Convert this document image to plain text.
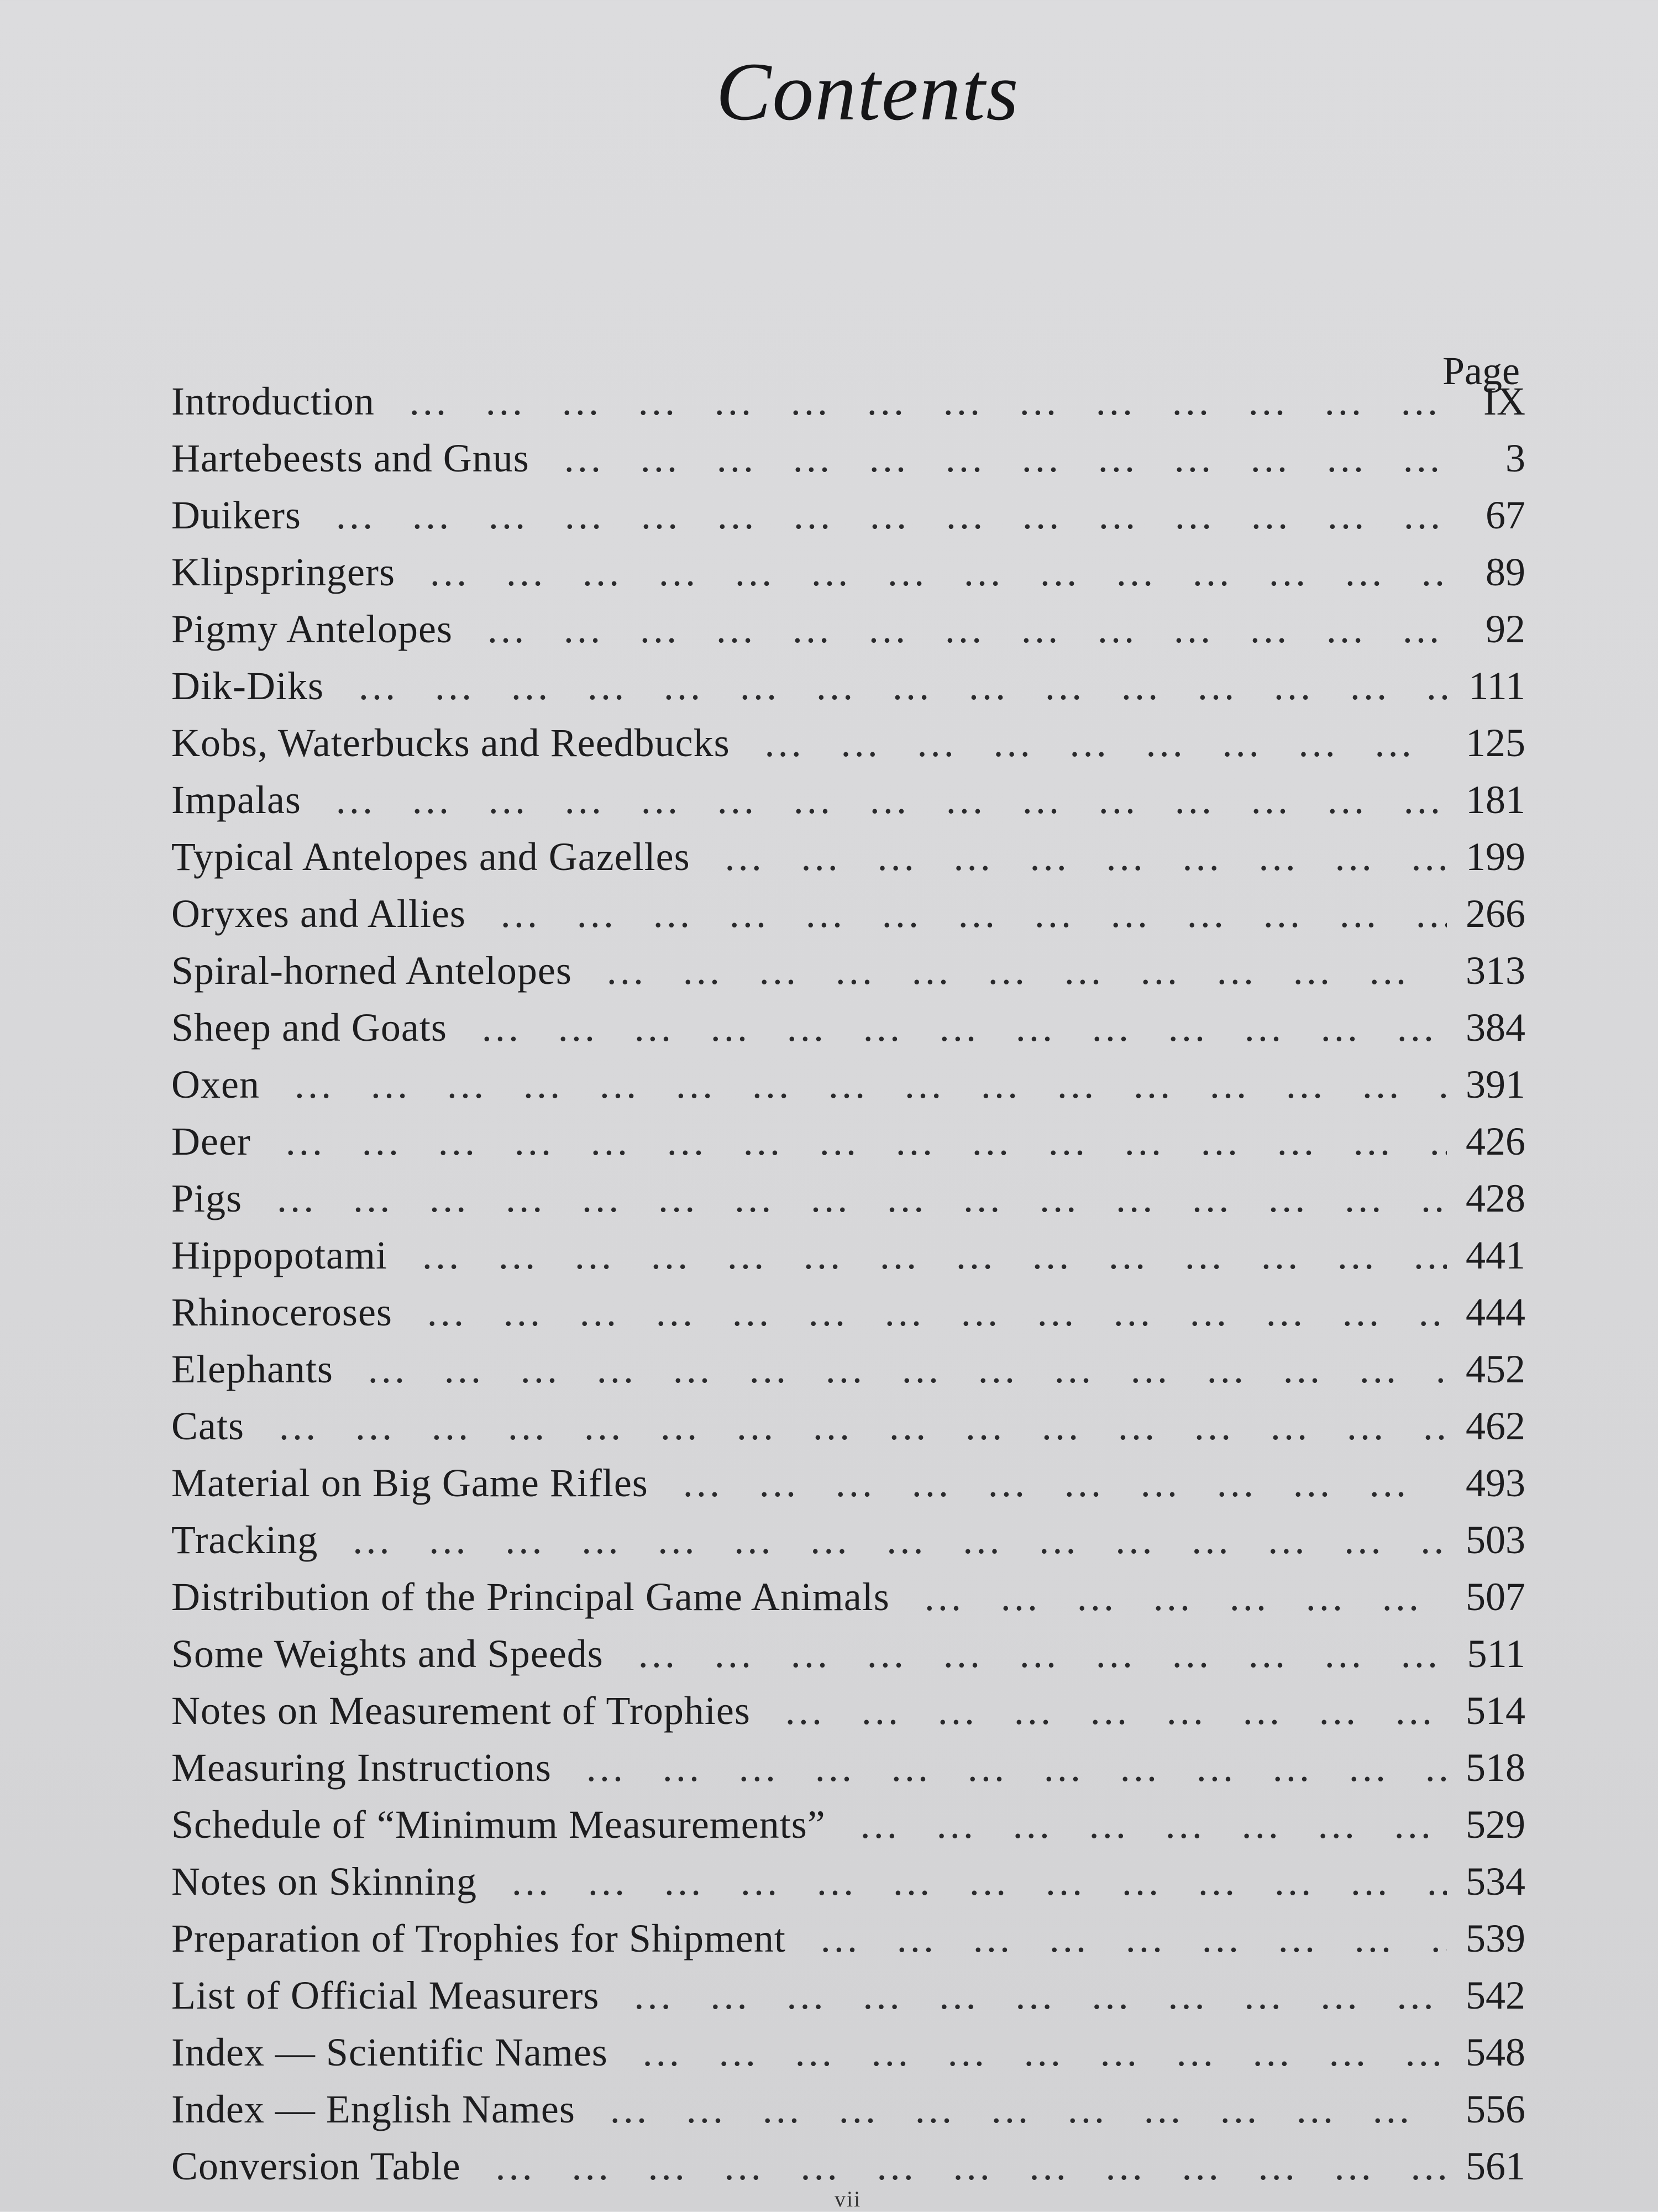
Contents
Page
Introduction … … … … … … … … … … … … … … … … … … … … … … … … … … … … … … … … … … … … … … … …	IX
Hartebeests and Gnus … … … … … … … … … … … … … … … … … … … … … … … … … … … … … … … … … … … … … … … …	3
Duikers … … … … … … … … … … … … … … … … … … … … … … … … … … … … … … … … … … … … … … … …	67
Klipspringers … … … … … … … … … … … … … … … … … … … … … … … … … … … … … … … … … … … … … … … …	89
Pigmy Antelopes … … … … … … … … … … … … … … … … … … … … … … … … … … … … … … … … … … … … … … … …	92
Dik-Diks … … … … … … … … … … … … … … … … … … … … … … … … … … … … … … … … … … … … … … … …	111
Kobs, Waterbucks and Reedbucks … … … … … … … … … … … … … … … … … … … … … … … … … … … … … … … … … … … … … … … …	125
Impalas … … … … … … … … … … … … … … … … … … … … … … … … … … … … … … … … … … … … … … … …	181
Typical Antelopes and Gazelles … … … … … … … … … … … … … … … … … … … … … … … … … … … … … … … … … … … … … … … …	199
Oryxes and Allies … … … … … … … … … … … … … … … … … … … … … … … … … … … … … … … … … … … … … … … …	266
Spiral-horned Antelopes … … … … … … … … … … … … … … … … … … … … … … … … … … … … … … … … … … … … … … … …	313
Sheep and Goats … … … … … … … … … … … … … … … … … … … … … … … … … … … … … … … … … … … … … … … …	384
Oxen … … … … … … … … … … … … … … … … … … … … … … … … … … … … … … … … … … … … … … … …	391
Deer … … … … … … … … … … … … … … … … … … … … … … … … … … … … … … … … … … … … … … … …	426
Pigs … … … … … … … … … … … … … … … … … … … … … … … … … … … … … … … … … … … … … … … …	428
Hippopotami … … … … … … … … … … … … … … … … … … … … … … … … … … … … … … … … … … … … … … … …	441
Rhinoceroses … … … … … … … … … … … … … … … … … … … … … … … … … … … … … … … … … … … … … … … …	444
Elephants … … … … … … … … … … … … … … … … … … … … … … … … … … … … … … … … … … … … … … … …	452
Cats … … … … … … … … … … … … … … … … … … … … … … … … … … … … … … … … … … … … … … … …	462
Material on Big Game Rifles … … … … … … … … … … … … … … … … … … … … … … … … … … … … … … … … … … … … … … … …	493
Tracking … … … … … … … … … … … … … … … … … … … … … … … … … … … … … … … … … … … … … … … …	503
Distribution of the Principal Game Animals … … … … … … … … … … … … … … … … … … … … … … … … … … … … … … … … … … … … … … … …	507
Some Weights and Speeds … … … … … … … … … … … … … … … … … … … … … … … … … … … … … … … … … … … … … … … …	511
Notes on Measurement of Trophies … … … … … … … … … … … … … … … … … … … … … … … … … … … … … … … … … … … … … … … …	514
Measuring Instructions … … … … … … … … … … … … … … … … … … … … … … … … … … … … … … … … … … … … … … … …	518
Schedule of “Minimum Measurements” … … … … … … … … … … … … … … … … … … … … … … … … … … … … … … … … … … … … … … … …	529
Notes on Skinning … … … … … … … … … … … … … … … … … … … … … … … … … … … … … … … … … … … … … … … …	534
Preparation of Trophies for Shipment … … … … … … … … … … … … … … … … … … … … … … … … … … … … … … … … … … … … … … … …	539
List of Official Measurers … … … … … … … … … … … … … … … … … … … … … … … … … … … … … … … … … … … … … … … …	542
Index — Scientific Names … … … … … … … … … … … … … … … … … … … … … … … … … … … … … … … … … … … … … … … …	548
Index — English Names … … … … … … … … … … … … … … … … … … … … … … … … … … … … … … … … … … … … … … … …	556
Conversion Table … … … … … … … … … … … … … … … … … … … … … … … … … … … … … … … … … … … … … … … …	561
vii
